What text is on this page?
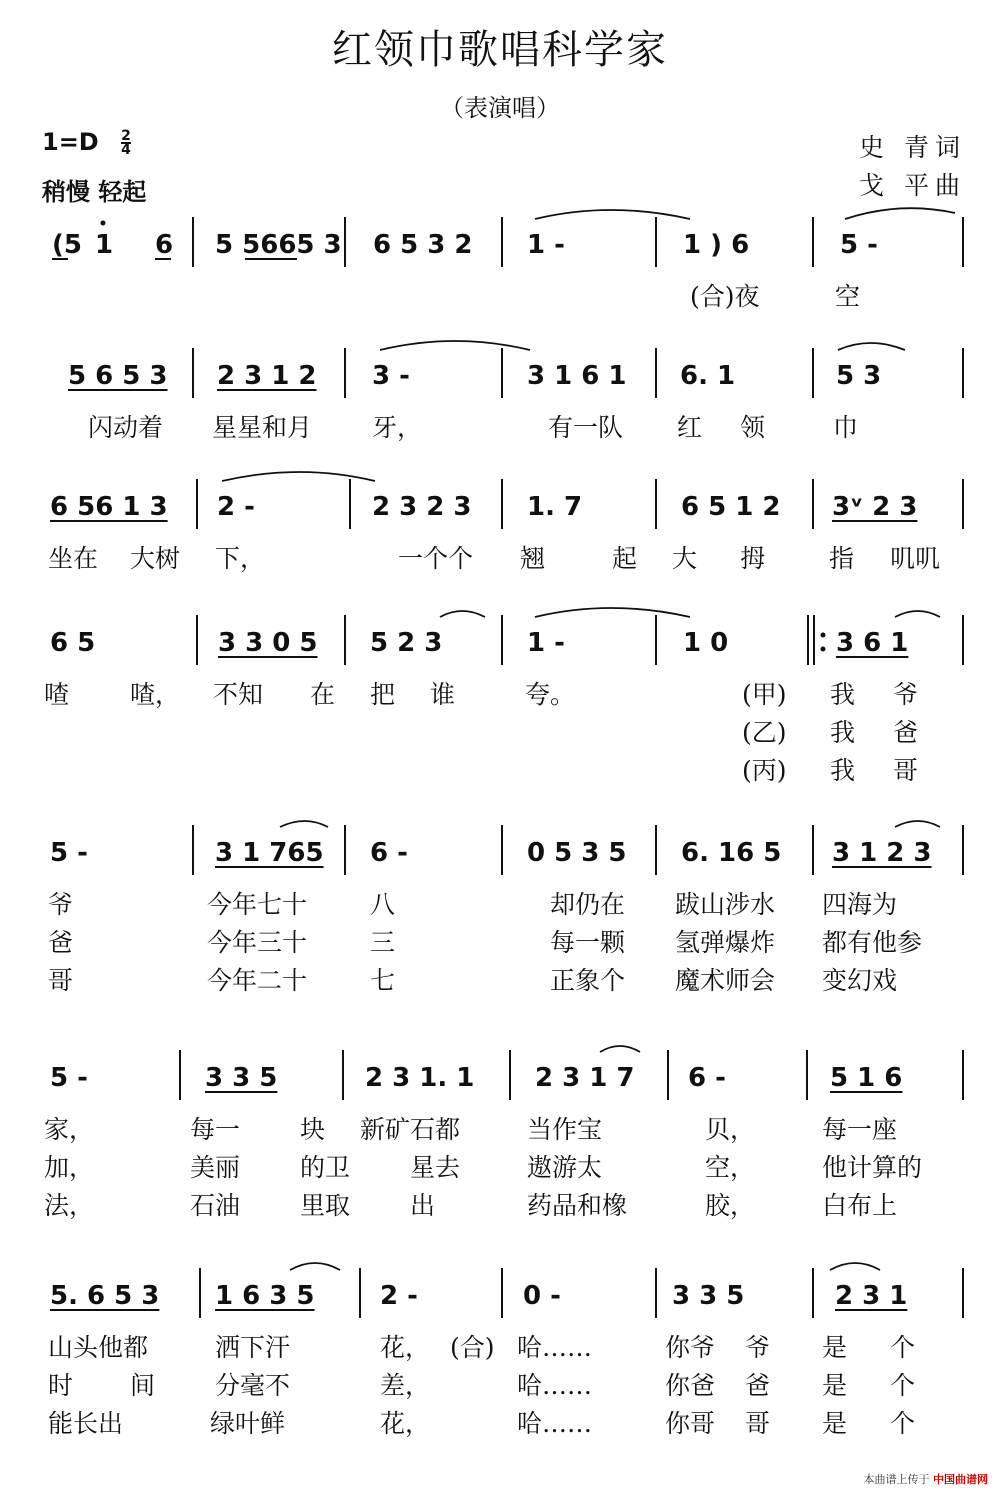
红领巾歌唱科学家
（表演唱）
$1=D \frac{2}{4}$
稍慢 轻起
史 青词
戈 平曲
(5 1 6 5 5665 3 6 5 3 2 1 -	1 ) 6	5 -
(合)夜	空
5 6 5 3 2 3 1 2 3 -	3 1 6 1 6. 1	5 3
闪动着 星星和月 牙，	有一队 红 领	巾
6 56 1 3 2 -	2 3 2 3 1. 7	6 5 1 2 3ᵛ 2 3
坐在 大树 下，	一个个 翘	起 大 拇	指 叽叽
6 5	3 3 0 5 5 2 3	1 -	1 0	3 6 1
喳 喳， 不知 在 把 谁	夸。	(甲) 我 爷
(乙) 我 爸
(丙) 我 哥
5 -	3 1 765 6 -	0 5 3 5 6. 16 5 3 1 2 3
爷	今年七十	八	却仍在 跋山涉水 四海为
爸	今年三十	三	每一颗 氢弹爆炸 都有他参
哥	今年二十	七	正象个 魔术师会 变幻戏
5 -	3 3 5	2 3 1. 1 2 3 1 7 6 -	5 1 6
家，	每一 块 新矿石都	当作宝	贝，	每一座
加，	美丽 的卫 星去	遨游太	空，	他计算的
法，	石油 里取 出	药品和橡	胶，	白布上
5. 6 5 3 1 6 3 5	2 -	0 -	3 3 5	2 3 1
山头他都	洒下汗	花， (合) 哈……	你爷 爷 是 个
时 间 分毫不	差，	哈……	你爸 爸 是 个
能长出	绿叶鲜	花，	哈……	你哥 哥 是 个
本曲谱上传于 中国曲谱网
